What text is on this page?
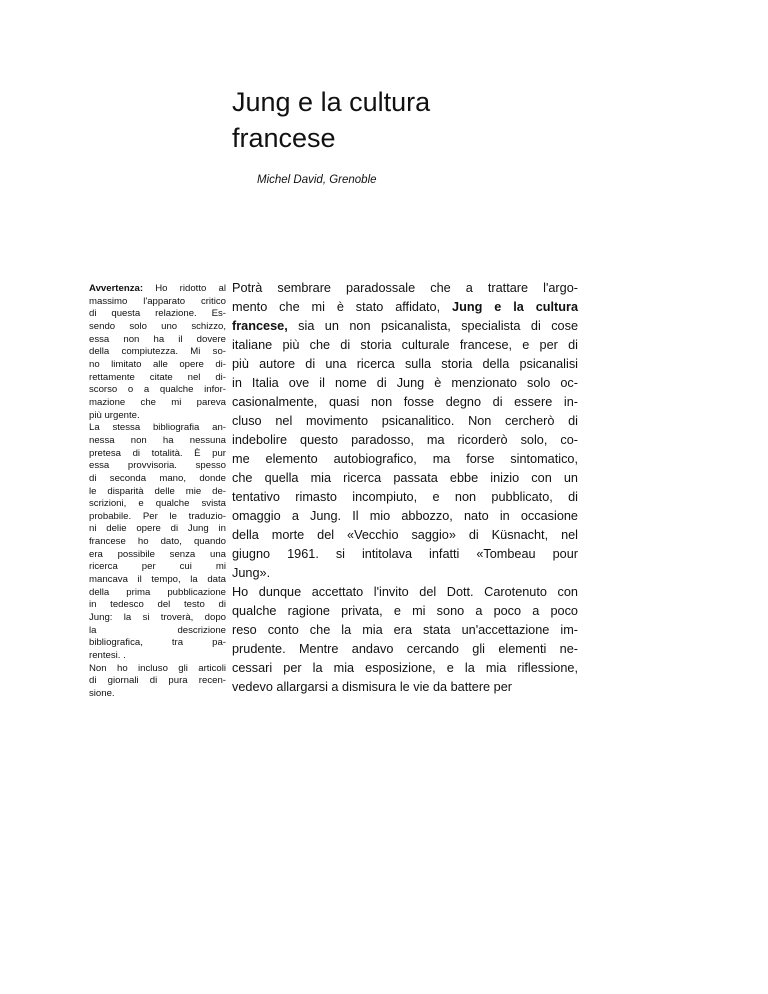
Jung e la cultura
francese

Michel David, Grenoble

Avvertenza: Ho ridotto al
massimo l'apparato critico
di questa relazione. Es-
sendo solo uno schizzo,
essa non ha il dovere
della compiutezza. Mi so-
no limitato alle opere di-
rettamente citate nel di-
scorso o a qualche infor-
mazione che mi pareva
più urgente.
La stessa bibliografia an-
nessa non ha nessuna
pretesa di totalità. È pur
essa provvisoria. spesso
di seconda mano, donde
le disparità delle mie de-
scrizioni, e qualche svista
probabile. Per le traduzio-
ni delie opere di Jung in
francese ho dato, quando
era possibile senza una
ricerca per cui mi
mancava il tempo, la data
della prima pubblicazione
in tedesco del testo di
Jung: la si troverà, dopo
la descrizione
bibliografica, tra pa-
rentesi. .
Non ho incluso gli articoli
di giornali di pura recen-
sione.
Potrà sembrare paradossale che a trattare l'argo-
mento che mi è stato affidato, Jung e la cultura
francese, sia un non psicanalista, specialista di cose
italiane più che di storia culturale francese, e per di
più autore di una ricerca sulla storia della psicanalisi
in Italia ove il nome di Jung è menzionato solo oc-
casionalmente, quasi non fosse degno di essere in-
cluso nel movimento psicanalitico. Non cercherò di
indebolire questo paradosso, ma ricorderò solo, co-
me elemento autobiografico, ma forse sintomatico,
che quella mia ricerca passata ebbe inizio con un
tentativo rimasto incompiuto, e non pubblicato, di
omaggio a Jung. Il mio abbozzo, nato in occasione
della morte del «Vecchio saggio» di Küsnacht, nel
giugno 1961. si intitolava infatti «Tombeau pour
Jung».
Ho dunque accettato l'invito del Dott. Carotenuto con
qualche ragione privata, e mi sono a poco a poco
reso conto che la mia era stata un'accettazione im-
prudente. Mentre andavo cercando gli elementi ne-
cessari per la mia esposizione, e la mia riflessione,
vedevo allargarsi a dismisura le vie da battere per
